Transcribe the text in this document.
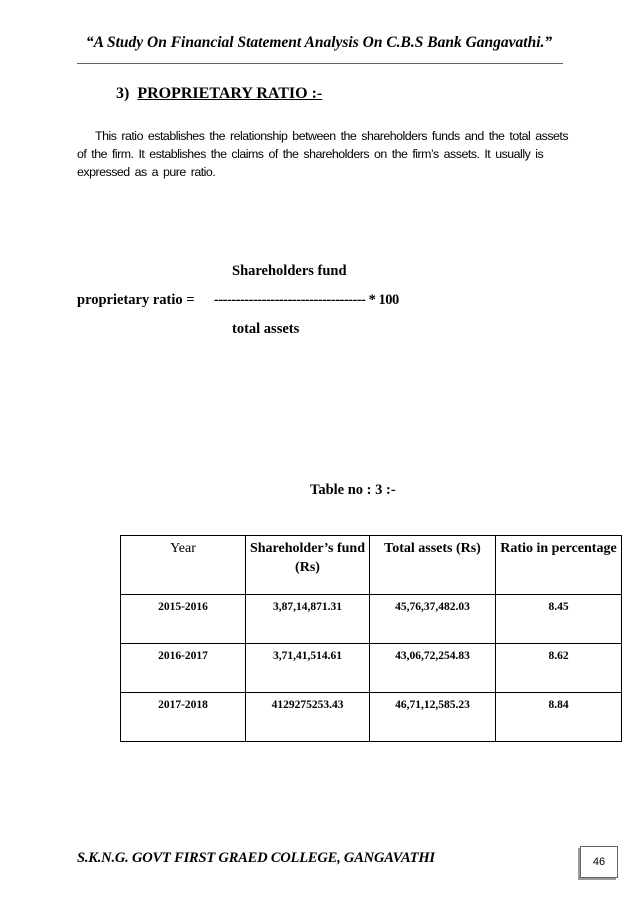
“A Study On Financial Statement Analysis On C.B.S Bank Gangavathi.”
3) PROPRIETARY RATIO :-
This ratio establishes the relationship between the shareholders funds and the total assets
of the firm. It establishes the claims of the shareholders on the firm’s assets. It usually is
expressed as a pure ratio.
Shareholders fund
proprietary ratio = ----------------------------------- * 100
total assets
Table no : 3 :-
Year	Shareholder’s fund (Rs)	Total assets (Rs)	Ratio in percentage
2015-2016	3,87,14,871.31	45,76,37,482.03	8.45
2016-2017	3,71,41,514.61	43,06,72,254.83	8.62
2017-2018	4129275253.43	46,71,12,585.23	8.84
S.K.N.G. GOVT FIRST GRAED COLLEGE, GANGAVATHI	46
